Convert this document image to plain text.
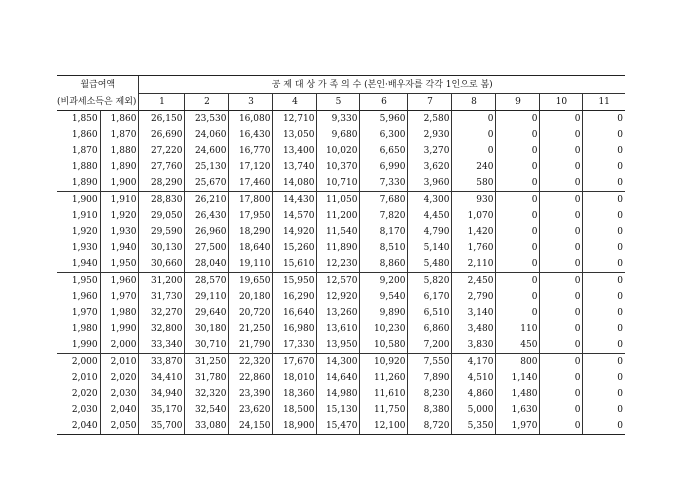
월급여액		공 제 대 상 가 족 의 수 (본인·배우자를 각각 1인으로 봄)										
(비과세소득은 제외)		1	2	3	4	5	6	7	8	9	10	11
1,850	1,860	26,150	23,530	16,080	12,710	9,330	5,960	2,580	0	0	0	0
1,860	1,870	26,690	24,060	16,430	13,050	9,680	6,300	2,930	0	0	0	0
1,870	1,880	27,220	24,600	16,770	13,400	10,020	6,650	3,270	0	0	0	0
1,880	1,890	27,760	25,130	17,120	13,740	10,370	6,990	3,620	240	0	0	0
1,890	1,900	28,290	25,670	17,460	14,080	10,710	7,330	3,960	580	0	0	0
1,900	1,910	28,830	26,210	17,800	14,430	11,050	7,680	4,300	930	0	0	0
1,910	1,920	29,050	26,430	17,950	14,570	11,200	7,820	4,450	1,070	0	0	0
1,920	1,930	29,590	26,960	18,290	14,920	11,540	8,170	4,790	1,420	0	0	0
1,930	1,940	30,130	27,500	18,640	15,260	11,890	8,510	5,140	1,760	0	0	0
1,940	1,950	30,660	28,040	19,110	15,610	12,230	8,860	5,480	2,110	0	0	0
1,950	1,960	31,200	28,570	19,650	15,950	12,570	9,200	5,820	2,450	0	0	0
1,960	1,970	31,730	29,110	20,180	16,290	12,920	9,540	6,170	2,790	0	0	0
1,970	1,980	32,270	29,640	20,720	16,640	13,260	9,890	6,510	3,140	0	0	0
1,980	1,990	32,800	30,180	21,250	16,980	13,610	10,230	6,860	3,480	110	0	0
1,990	2,000	33,340	30,710	21,790	17,330	13,950	10,580	7,200	3,830	450	0	0
2,000	2,010	33,870	31,250	22,320	17,670	14,300	10,920	7,550	4,170	800	0	0
2,010	2,020	34,410	31,780	22,860	18,010	14,640	11,260	7,890	4,510	1,140	0	0
2,020	2,030	34,940	32,320	23,390	18,360	14,980	11,610	8,230	4,860	1,480	0	0
2,030	2,040	35,170	32,540	23,620	18,500	15,130	11,750	8,380	5,000	1,630	0	0
2,040	2,050	35,700	33,080	24,150	18,900	15,470	12,100	8,720	5,350	1,970	0	0
